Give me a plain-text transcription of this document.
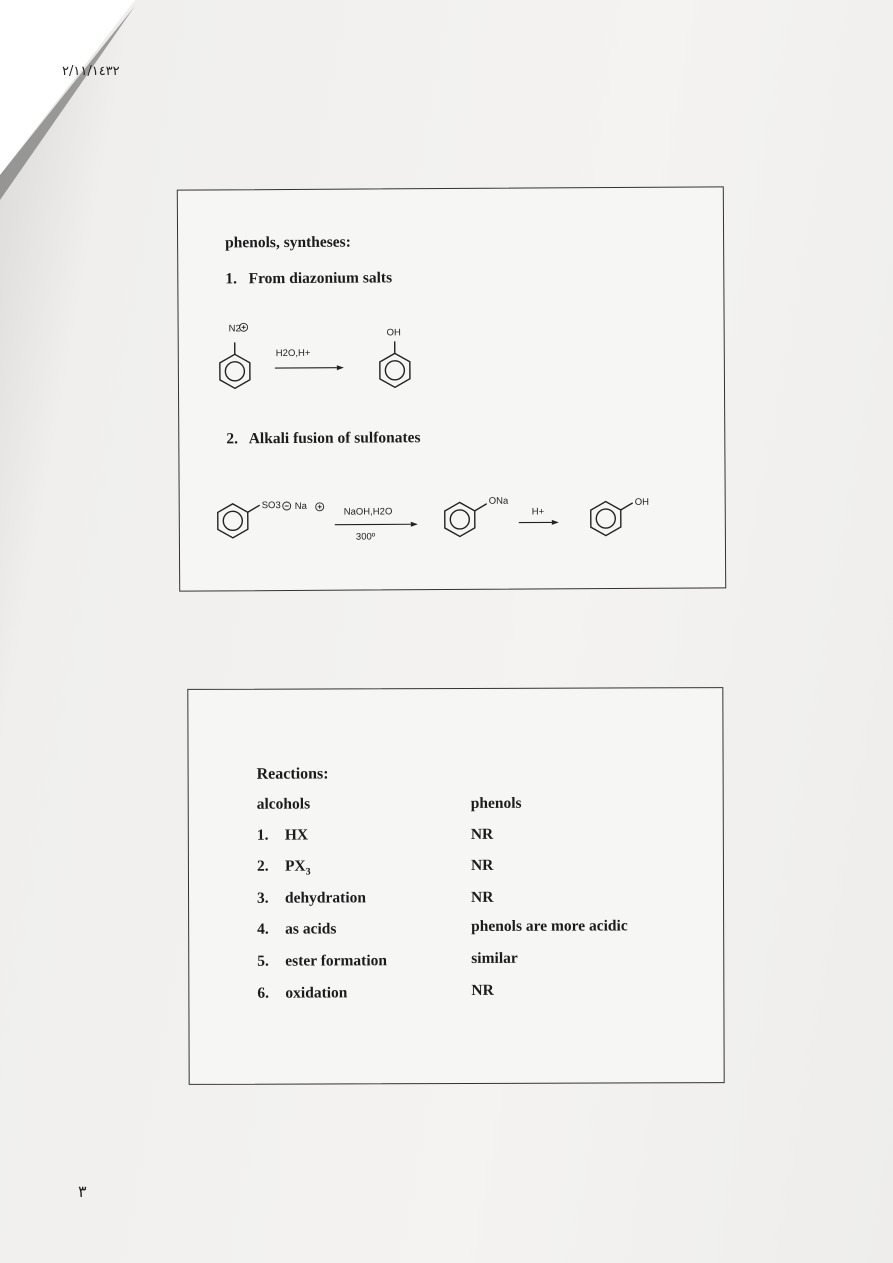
٢/١١/١٤٣٢
phenols, syntheses:
1. From diazonium salts
N2
H2O,H+
OH
2. Alkali fusion of sulfonates
SO3 Na	NaOH,H2O
300º
ONa
H+
OH
Reactions:
alcohols	phenols
1. HX	NR
2. $PX_3$	NR
3. dehydration	NR
4. as acids	phenols are more acidic
5. ester formation	similar
6. oxidation	NR
٣
